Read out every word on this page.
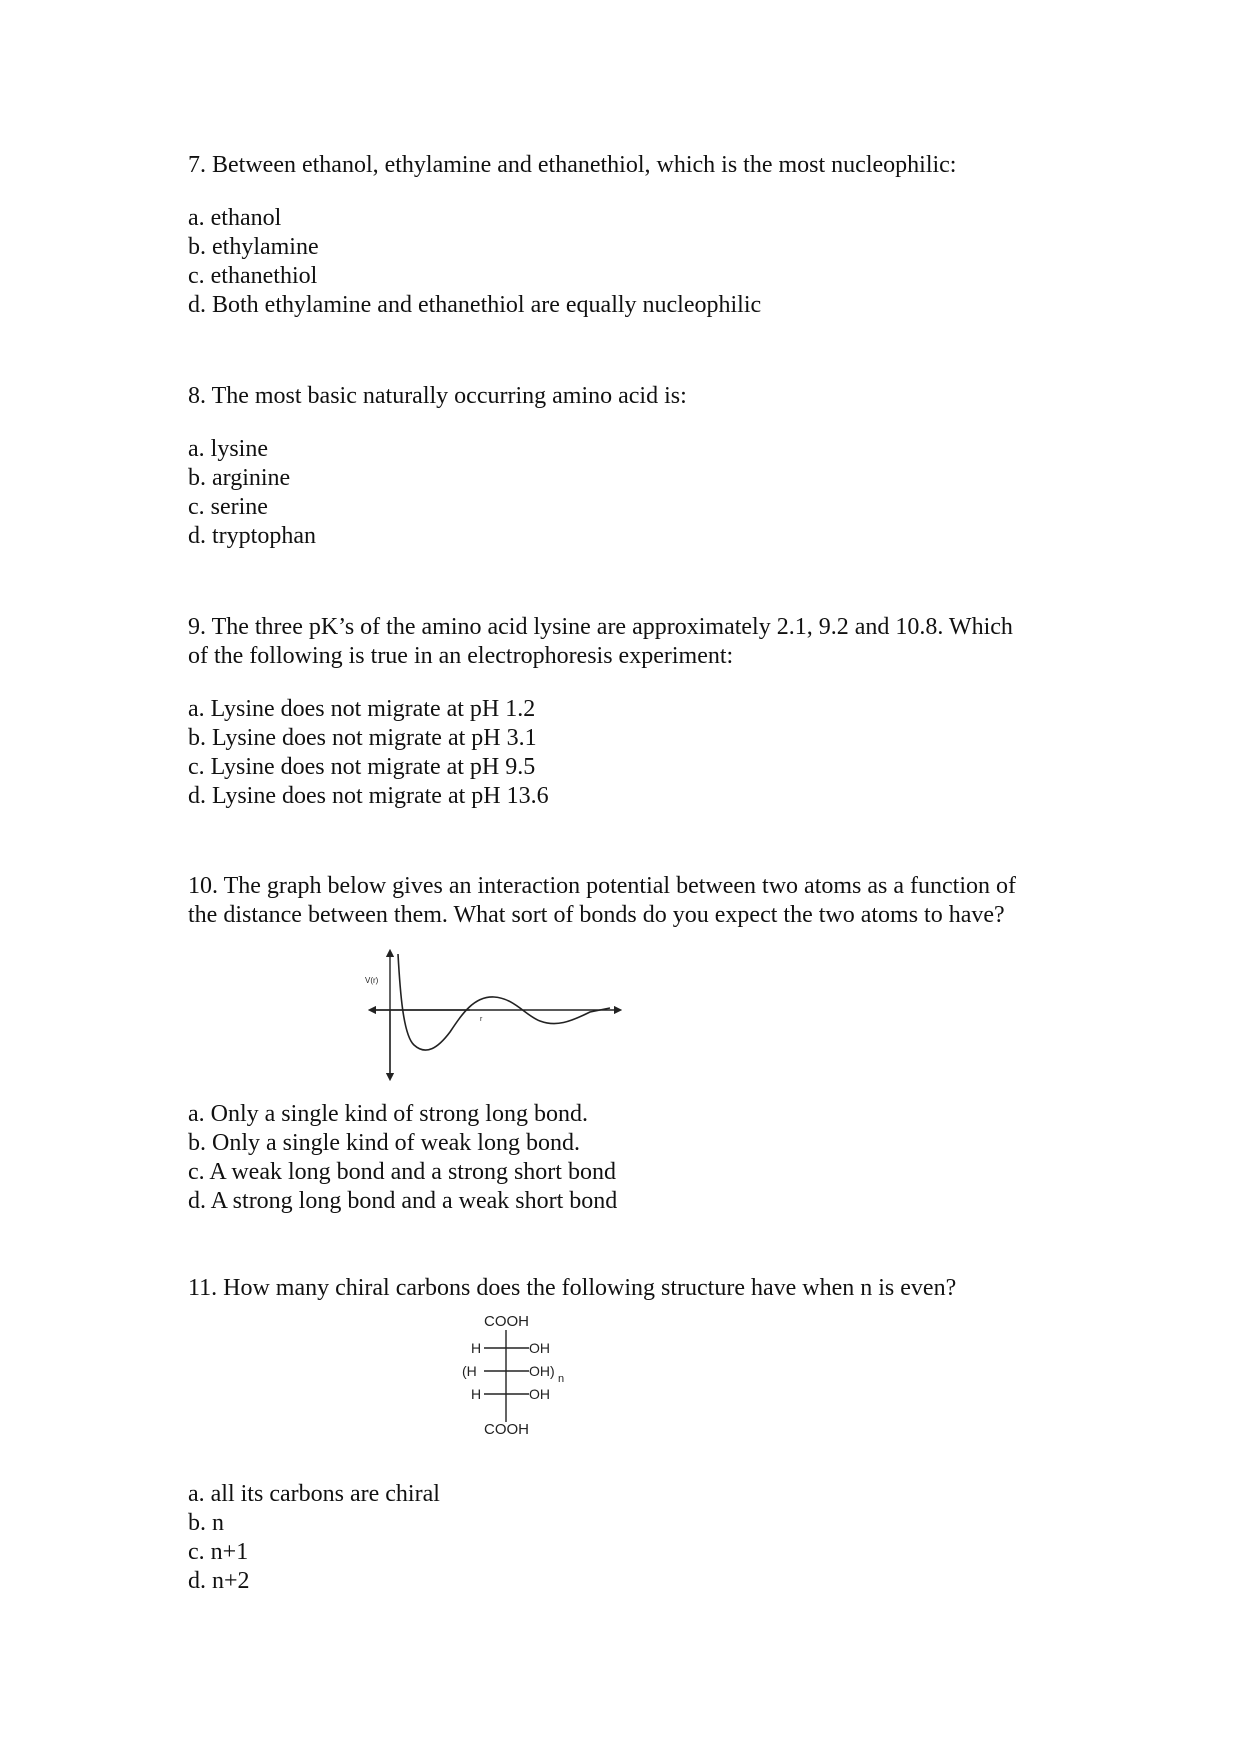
7. Between ethanol, ethylamine and ethanethiol, which is the most nucleophilic:

a. ethanol

b. ethylamine

c. ethanethiol

d. Both ethylamine and ethanethiol are equally nucleophilic

8. The most basic naturally occurring amino acid is:

a. lysine

b. arginine

c. serine

d. tryptophan

9. The three pK’s of the amino acid lysine are approximately 2.1, 9.2 and 10.8. Which

of the following is true in an electrophoresis experiment:

a. Lysine does not migrate at pH 1.2

b. Lysine does not migrate at pH 3.1

c. Lysine does not migrate at pH 9.5

d. Lysine does not migrate at pH 13.6

10. The graph below gives an interaction potential between two atoms as a function of

the distance between them. What sort of bonds do you expect the two atoms to have?

a. Only a single kind of strong long bond.

b. Only a single kind of weak long bond.

c. A weak long bond and a strong short bond

d. A strong long bond and a weak short bond

V(r)
r

11. How many chiral carbons does the following structure have when n is even?

a. all its carbons are chiral

b. n

c. n+1

d. n+2

COOH
H	OH
(H	OH) n
H	OH
COOH
